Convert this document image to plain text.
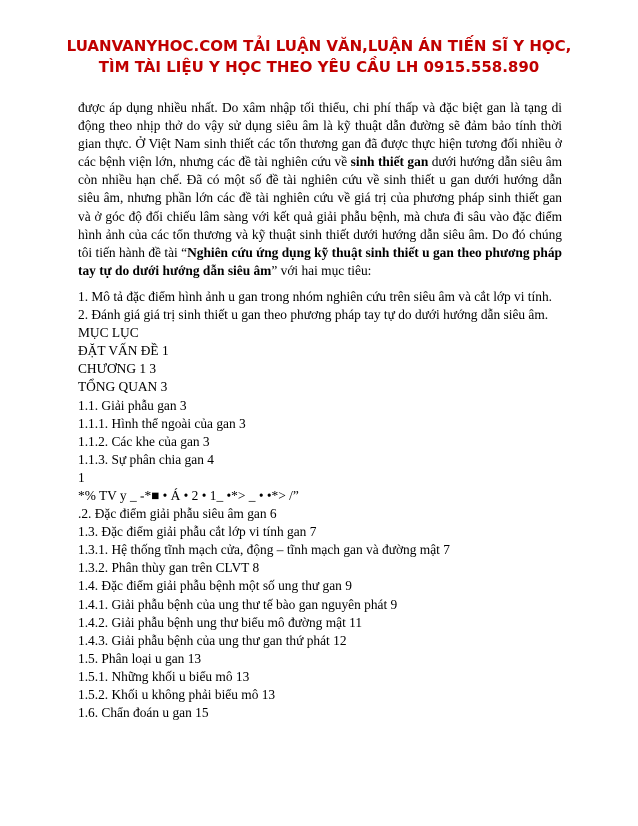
LUANVANYHOC.COM TẢI LUẬN VĂN,LUẬN ÁN TIẾN SĨ Y HỌC,
TÌM TÀI LIỆU Y HỌC THEO YÊU CẦU LH 0915.558.890

được áp dụng nhiều nhất. Do xâm nhập tối thiểu, chi phí thấp và đặc biệt gan là tạng di động theo nhịp thở do vậy sử dụng siêu âm là kỹ thuật dẫn đường sẽ đảm bảo tính thời gian thực. Ở Việt Nam sinh thiết các tổn thương gan đã được thực hiện tương đối nhiều ở các bệnh viện lớn, nhưng các đề tài nghiên cứu về sinh thiết gan dưới hướng dẫn siêu âm còn nhiều hạn chế. Đã có một số đề tài nghiên cứu về sinh thiết u gan dưới hướng dẫn siêu âm, nhưng phần lớn các đề tài nghiên cứu về giá trị của phương pháp sinh thiết gan và ở góc độ đối chiếu lâm sàng với kết quả giải phẫu bệnh, mà chưa đi sâu vào đặc điểm hình ảnh của các tổn thương và kỹ thuật sinh thiết dưới hướng dẫn siêu âm. Do đó chúng tôi tiến hành đề tài “Nghiên cứu ứng dụng kỹ thuật sinh thiết u gan theo phương pháp tay tự do dưới hướng dẫn siêu âm” với hai mục tiêu:

1. Mô tả đặc điểm hình ảnh u gan trong nhóm nghiên cứu trên siêu âm và cắt lớp vi tính.

2. Đánh giá giá trị sinh thiết u gan theo phương pháp tay tự do dưới hướng dẫn siêu âm.

MỤC LỤC
ĐẶT VẤN ĐỀ 1
CHƯƠNG 1 3
TỔNG QUAN 3
1.1. Giải phẫu gan 3
1.1.1. Hình thể ngoài của gan 3
1.1.2. Các khe của gan 3
1.1.3. Sự phân chia gan 4
1
*% TV y _ -*■ • Á • 2 • 1_ •*> _ • •*> /”
.2. Đặc điểm giải phẫu siêu âm gan 6
1.3. Đặc điểm giải phẫu cắt lớp vi tính gan 7
1.3.1. Hệ thống tĩnh mạch cửa, động – tĩnh mạch gan và đường mật 7
1.3.2. Phân thùy gan trên CLVT 8
1.4. Đặc điểm giải phẫu bệnh một số ung thư gan 9
1.4.1. Giải phẫu bệnh của ung thư tế bào gan nguyên phát 9
1.4.2. Giải phẫu bệnh ung thư biểu mô đường mật 11
1.4.3. Giải phẫu bệnh của ung thư gan thứ phát 12
1.5. Phân loại u gan 13
1.5.1. Những khối u biểu mô 13
1.5.2. Khối u không phải biểu mô 13
1.6. Chẩn đoán u gan 15
